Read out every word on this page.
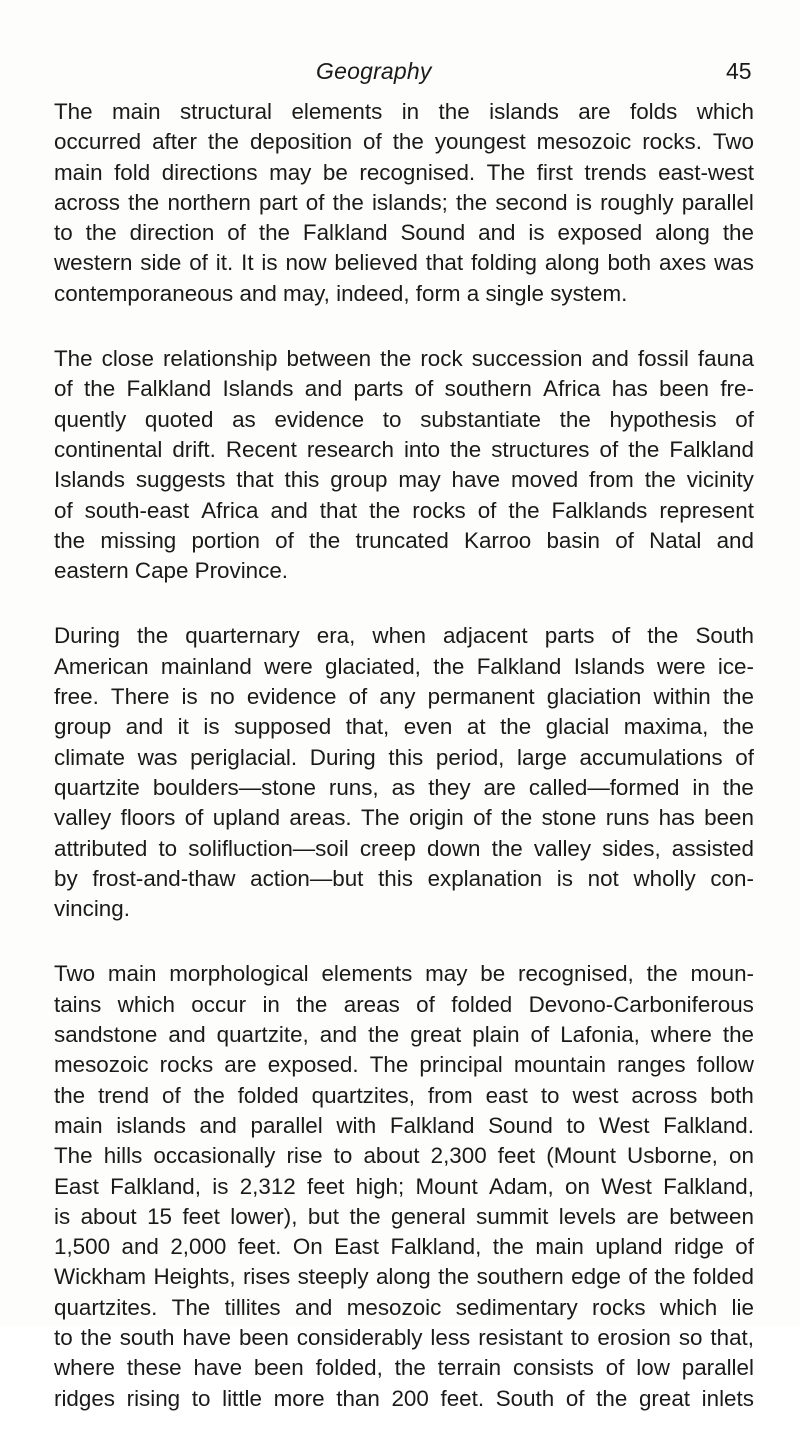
Geography	45
The main structural elements in the islands are folds which
occurred after the deposition of the youngest mesozoic rocks. Two
main fold directions may be recognised. The first trends east-west
across the northern part of the islands; the second is roughly parallel
to the direction of the Falkland Sound and is exposed along the
western side of it. It is now believed that folding along both axes was
contemporaneous and may, indeed, form a single system.
The close relationship between the rock succession and fossil fauna
of the Falkland Islands and parts of southern Africa has been fre-
quently quoted as evidence to substantiate the hypothesis of
continental drift. Recent research into the structures of the Falkland
Islands suggests that this group may have moved from the vicinity
of south-east Africa and that the rocks of the Falklands represent
the missing portion of the truncated Karroo basin of Natal and
eastern Cape Province.
During the quarternary era, when adjacent parts of the South
American mainland were glaciated, the Falkland Islands were ice-
free. There is no evidence of any permanent glaciation within the
group and it is supposed that, even at the glacial maxima, the
climate was periglacial. During this period, large accumulations of
quartzite boulders—stone runs, as they are called—formed in the
valley floors of upland areas. The origin of the stone runs has been
attributed to solifluction—soil creep down the valley sides, assisted
by frost-and-thaw action—but this explanation is not wholly con-
vincing.
Two main morphological elements may be recognised, the moun-
tains which occur in the areas of folded Devono-Carboniferous
sandstone and quartzite, and the great plain of Lafonia, where the
mesozoic rocks are exposed. The principal mountain ranges follow
the trend of the folded quartzites, from east to west across both
main islands and parallel with Falkland Sound to West Falkland.
The hills occasionally rise to about 2,300 feet (Mount Usborne, on
East Falkland, is 2,312 feet high; Mount Adam, on West Falkland,
is about 15 feet lower), but the general summit levels are between
1,500 and 2,000 feet. On East Falkland, the main upland ridge of
Wickham Heights, rises steeply along the southern edge of the folded
quartzites. The tillites and mesozoic sedimentary rocks which lie
to the south have been considerably less resistant to erosion so that,
where these have been folded, the terrain consists of low parallel
ridges rising to little more than 200 feet. South of the great inlets
